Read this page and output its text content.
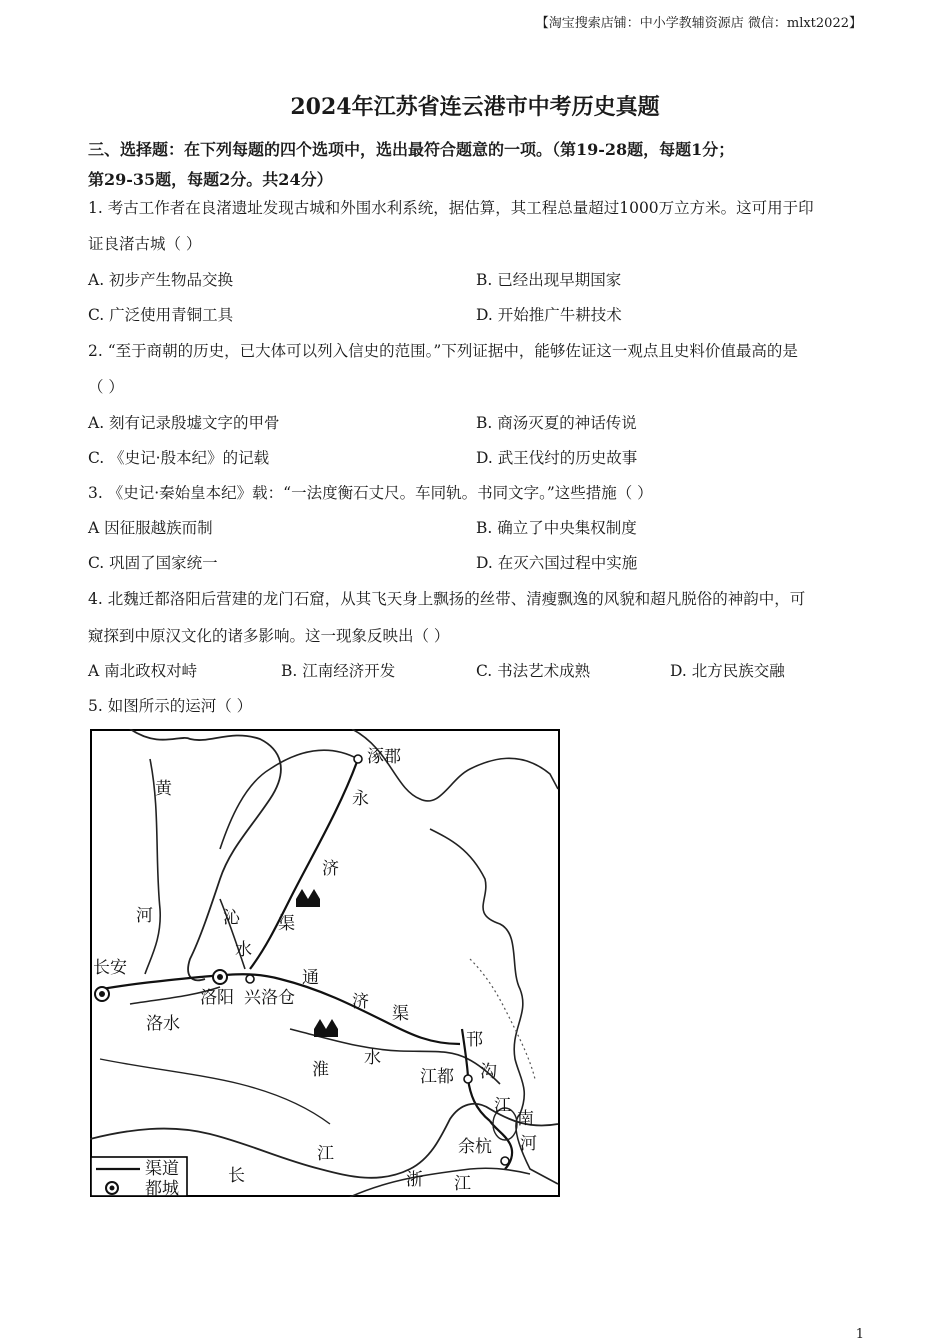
【淘宝搜索店铺：中小学教辅资源店 微信：mlxt2022】
2024年江苏省连云港市中考历史真题
三、选择题：在下列每题的四个选项中，选出最符合题意的一项。（第19-28题，每题1分；
第29-35题，每题2分。共24分）
1. 考古工作者在良渚遗址发现古城和外围水利系统，据估算，其工程总量超过1000万立方米。这可用于印
证良渚古城（ ）
A. 初步产生物品交换	B. 已经出现早期国家
C. 广泛使用青铜工具	D. 开始推广牛耕技术
2. “至于商朝的历史，已大体可以列入信史的范围。”下列证据中，能够佐证这一观点且史料价值最高的是
（ ）
A. 刻有记录殷墟文字的甲骨	B. 商汤灭夏的神话传说
C. 《史记·殷本纪》的记载	D. 武王伐纣的历史故事
3. 《史记·秦始皇本纪》载：“一法度衡石丈尺。车同轨。书同文字。”这些措施（ ）
A 因征服越族而制	B. 确立了中央集权制度
C. 巩固了国家统一	D. 在灭六国过程中实施
4. 北魏迁都洛阳后营建的龙门石窟，从其飞天身上飘扬的丝带、清瘦飘逸的风貌和超凡脱俗的神韵中，可
窥探到中原汉文化的诸多影响。这一现象反映出（ ）
A 南北政权对峙	B. 江南经济开发	C. 书法艺术成熟	D. 北方民族交融
5. 如图所示的运河（ ）
涿郡
永
济
渠
黄
河	沁
水
长安
洛阳 兴洛仓
通
济
渠
洛水
淮
水
邗
沟
江都
江
南
河
余杭
长
江
浙 江
渠道
都城
1
